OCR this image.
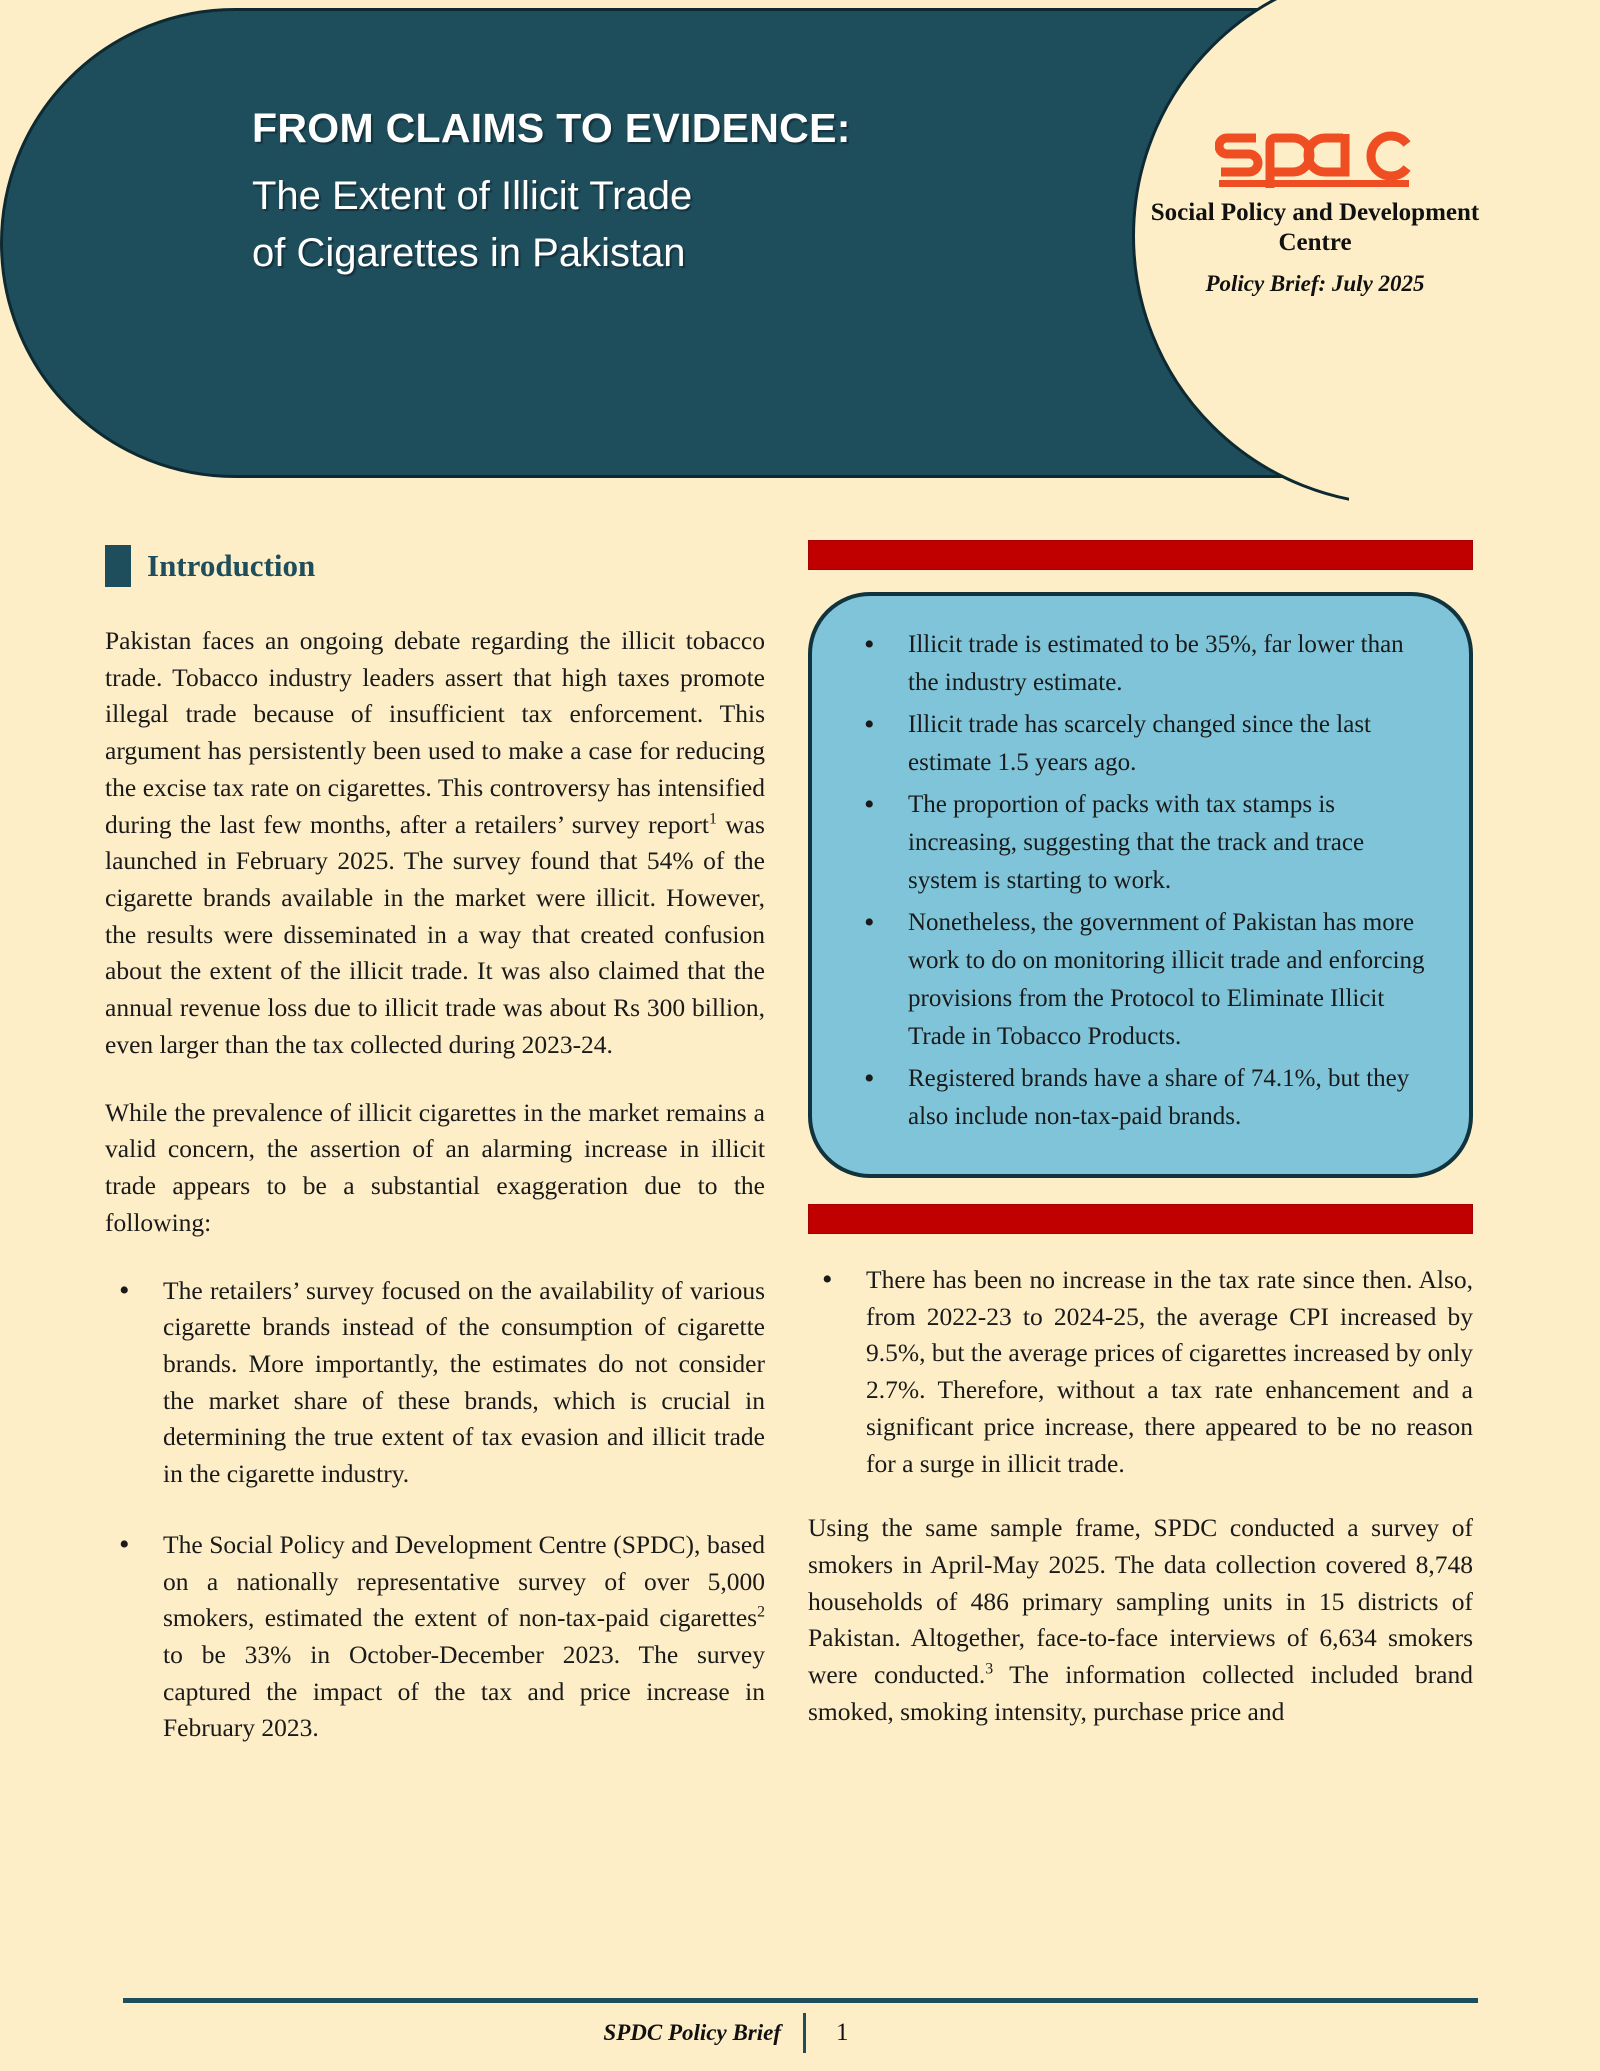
FROM CLAIMS TO EVIDENCE:
The Extent of Illicit Trade
of Cigarettes in Pakistan
Social Policy and Development Centre
Policy Brief: July 2025
Introduction

Pakistan faces an ongoing debate regarding the illicit tobacco trade. Tobacco industry leaders assert that high taxes promote illegal trade because of insufficient tax enforcement. This argument has persistently been used to make a case for reducing the excise tax rate on cigarettes. This controversy has intensified during the last few months, after a retailers’ survey report$^1$ was launched in February 2025. The survey found that 54% of the cigarette brands available in the market were illicit. However, the results were disseminated in a way that created confusion about the extent of the illicit trade. It was also claimed that the annual revenue loss due to illicit trade was about Rs 300 billion, even larger than the tax collected during 2023-24.

While the prevalence of illicit cigarettes in the market remains a valid concern, the assertion of an alarming increase in illicit trade appears to be a substantial exaggeration due to the following:

• The retailers’ survey focused on the availability of various cigarette brands instead of the consumption of cigarette brands. More importantly, the estimates do not consider the market share of these brands, which is crucial in determining the true extent of tax evasion and illicit trade in the cigarette industry.
• The Social Policy and Development Centre (SPDC), based on a nationally representative survey of over 5,000 smokers, estimated the extent of non-tax-paid cigarettes$^2$ to be 33% in October-December 2023. The survey captured the impact of the tax and price increase in February 2023.
• Illicit trade is estimated to be 35%, far lower than the industry estimate.
• Illicit trade has scarcely changed since the last estimate 1.5 years ago.
• The proportion of packs with tax stamps is increasing, suggesting that the track and trace system is starting to work.
• Nonetheless, the government of Pakistan has more work to do on monitoring illicit trade and enforcing provisions from the Protocol to Eliminate Illicit Trade in Tobacco Products.
• Registered brands have a share of 74.1%, but they also include non-tax-paid brands.
• There has been no increase in the tax rate since then. Also, from 2022-23 to 2024-25, the average CPI increased by 9.5%, but the average prices of cigarettes increased by only 2.7%. Therefore, without a tax rate enhancement and a significant price increase, there appeared to be no reason for a surge in illicit trade.

Using the same sample frame, SPDC conducted a survey of smokers in April-May 2025. The data collection covered 8,748 households of 486 primary sampling units in 15 districts of Pakistan. Altogether, face-to-face interviews of 6,634 smokers were conducted.$^3$ The information collected included brand smoked, smoking intensity, purchase price and

SPDC Policy Brief	1
